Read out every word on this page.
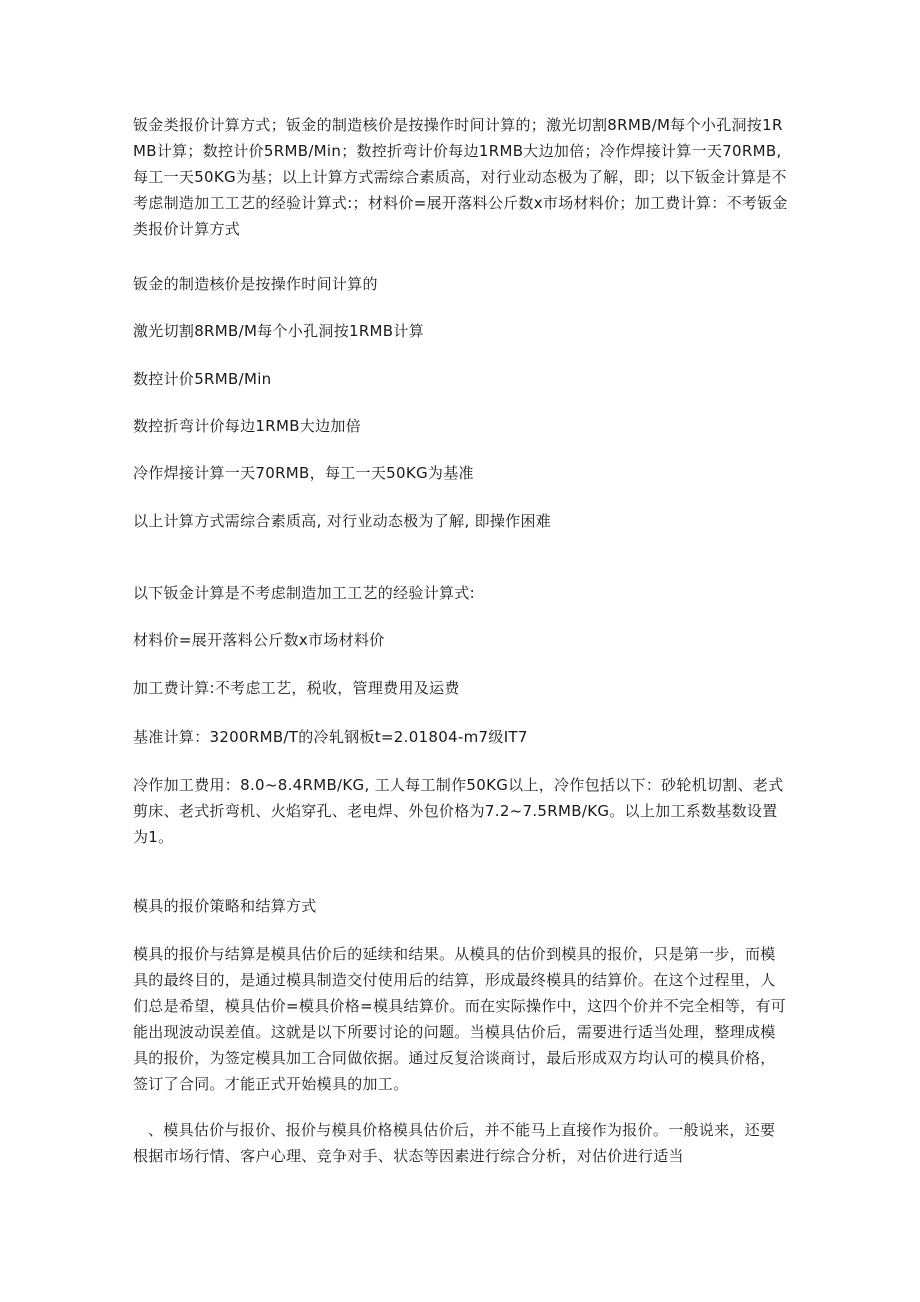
钣金类报价计算方式；钣金的制造核价是按操作时间计算的；激光切割8RMB/M每个小孔洞按1RMB计算；数控计价5RMB/Min；数控折弯计价每边1RMB大边加倍；冷作焊接计算一天70RMB, 每工一天50KG为基；以上计算方式需综合素质高，对行业动态极为了解，即；以下钣金计算是不考虑制造加工工艺的经验计算式:；材料价=展开落料公斤数x市场材料价；加工费计算：不考钣金类报价计算方式

钣金的制造核价是按操作时间计算的

激光切割8RMB/M每个小孔洞按1RMB计算

数控计价5RMB/Min

数控折弯计价每边1RMB大边加倍

冷作焊接计算一天70RMB，每工一天50KG为基准

以上计算方式需综合素质高, 对行业动态极为了解, 即操作困难

以下钣金计算是不考虑制造加工工艺的经验计算式:

材料价=展开落料公斤数x市场材料价

加工费计算:不考虑工艺，税收，管理费用及运费

基准计算：3200RMB/T的冷轧钢板t=2.01804-m7级IT7

冷作加工费用：8.0~8.4RMB/KG, 工人每工制作50KG以上，冷作包括以下：砂轮机切割、老式剪床、老式折弯机、火焰穿孔、老电焊、外包价格为7.2~7.5RMB/KG。以上加工系数基数设置为1。

模具的报价策略和结算方式

模具的报价与结算是模具估价后的延续和结果。从模具的估价到模具的报价，只是第一步，而模具的最终目的，是通过模具制造交付使用后的结算，形成最终模具的结算价。在这个过程里，人们总是希望，模具估价=模具价格=模具结算价。而在实际操作中，这四个价并不完全相等，有可能出现波动误差值。这就是以下所要讨论的问题。当模具估价后，需要进行适当处理，整理成模具的报价，为签定模具加工合同做依据。通过反复洽谈商讨，最后形成双方均认可的模具价格，签订了合同。才能正式开始模具的加工。

、模具估价与报价、报价与模具价格模具估价后，并不能马上直接作为报价。一般说来，还要根据市场行情、客户心理、竞争对手、状态等因素进行综合分析，对估价进行适当
